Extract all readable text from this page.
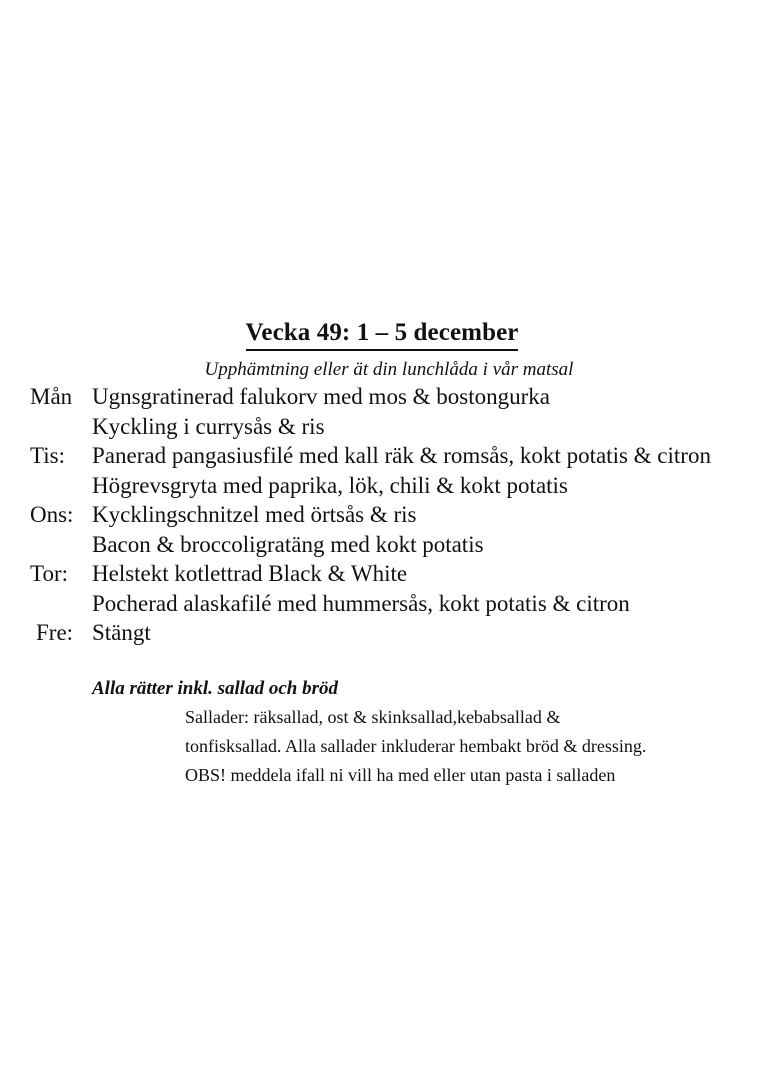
Vecka 49: 1 – 5 december
Upphämtning eller ät din lunchlåda i vår matsal
Ugnsgratinerad falukorv med mos & bostongurka
Mån
Kyckling i currysås & ris
Panerad pangasiusfilé med kall räk & romsås, kokt potatis & citron
Tis:
Högrevsgryta med paprika, lök, chili & kokt potatis
Kycklingschnitzel med örtsås & ris
Ons:
Bacon & broccoligratäng med kokt potatis
Helstekt kotlettrad Black & White
Tor:
Pocherad alaskafilé med hummersås, kokt potatis & citron
Stängt
Fre:
Alla rätter inkl. sallad och bröd

Sallader: räksallad, ost & skinksallad,kebabsallad & tonfisksallad. Alla sallader inkluderar hembakt bröd & dressing. OBS! meddela ifall ni vill ha med eller utan pasta i salladen
